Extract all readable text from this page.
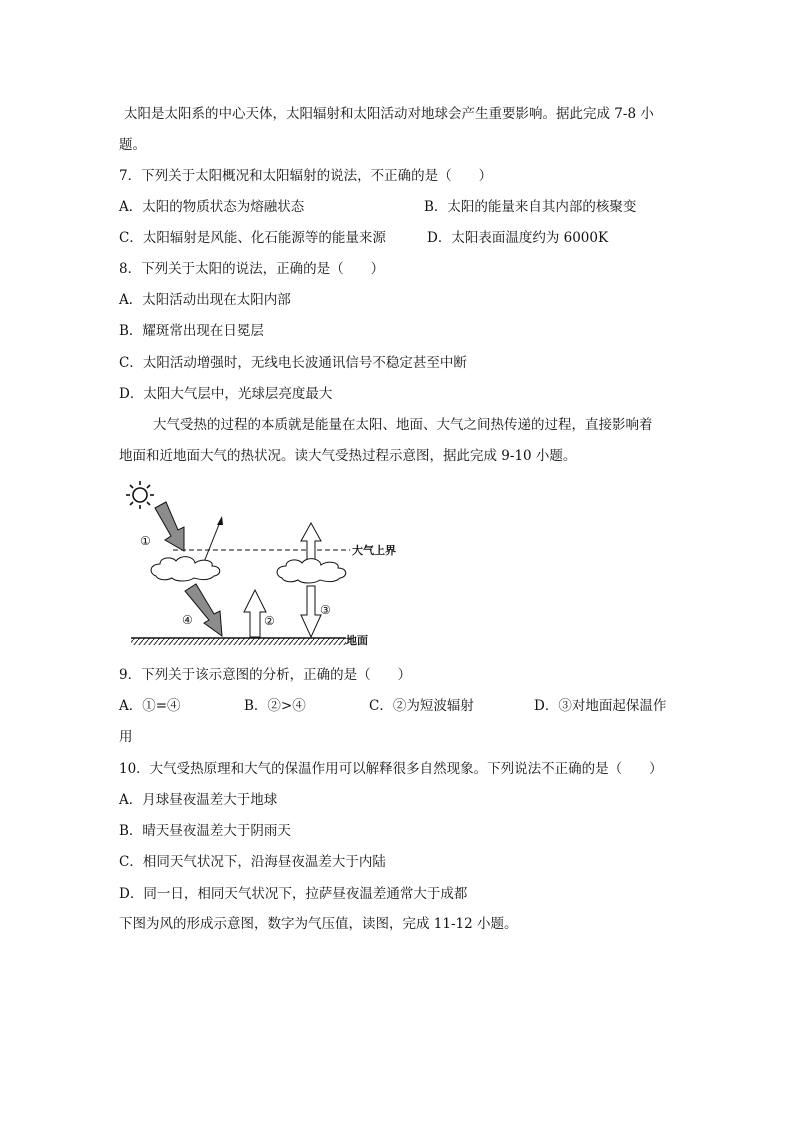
太阳是太阳系的中心天体，太阳辐射和太阳活动对地球会产生重要影响。据此完成 7-8 小
题。
7．下列关于太阳概况和太阳辐射的说法，不正确的是（　　）
A．太阳的物质状态为熔融状态	B．太阳的能量来自其内部的核聚变
C．太阳辐射是风能、化石能源等的能量来源	D．太阳表面温度约为 6000K
8．下列关于太阳的说法，正确的是（　　）
A．太阳活动出现在太阳内部
B．耀斑常出现在日冕层
C．太阳活动增强时，无线电长波通讯信号不稳定甚至中断
D．太阳大气层中，光球层亮度最大
大气受热的过程的本质就是能量在太阳、地面、大气之间热传递的过程，直接影响着
地面和近地面大气的热状况。读大气受热过程示意图，据此完成 9-10 小题。
大气上界
①
④
地面
②
③
9．下列关于该示意图的分析，正确的是（　　）
A．①=④	B．②>④	C．②为短波辐射	D．③对地面起保温作
用
10．大气受热原理和大气的保温作用可以解释很多自然现象。下列说法不正确的是（　　）
A．月球昼夜温差大于地球
B．晴天昼夜温差大于阴雨天
C．相同天气状况下，沿海昼夜温差大于内陆
D．同一日，相同天气状况下，拉萨昼夜温差通常大于成都
下图为风的形成示意图，数字为气压值，读图，完成 11-12 小题。
